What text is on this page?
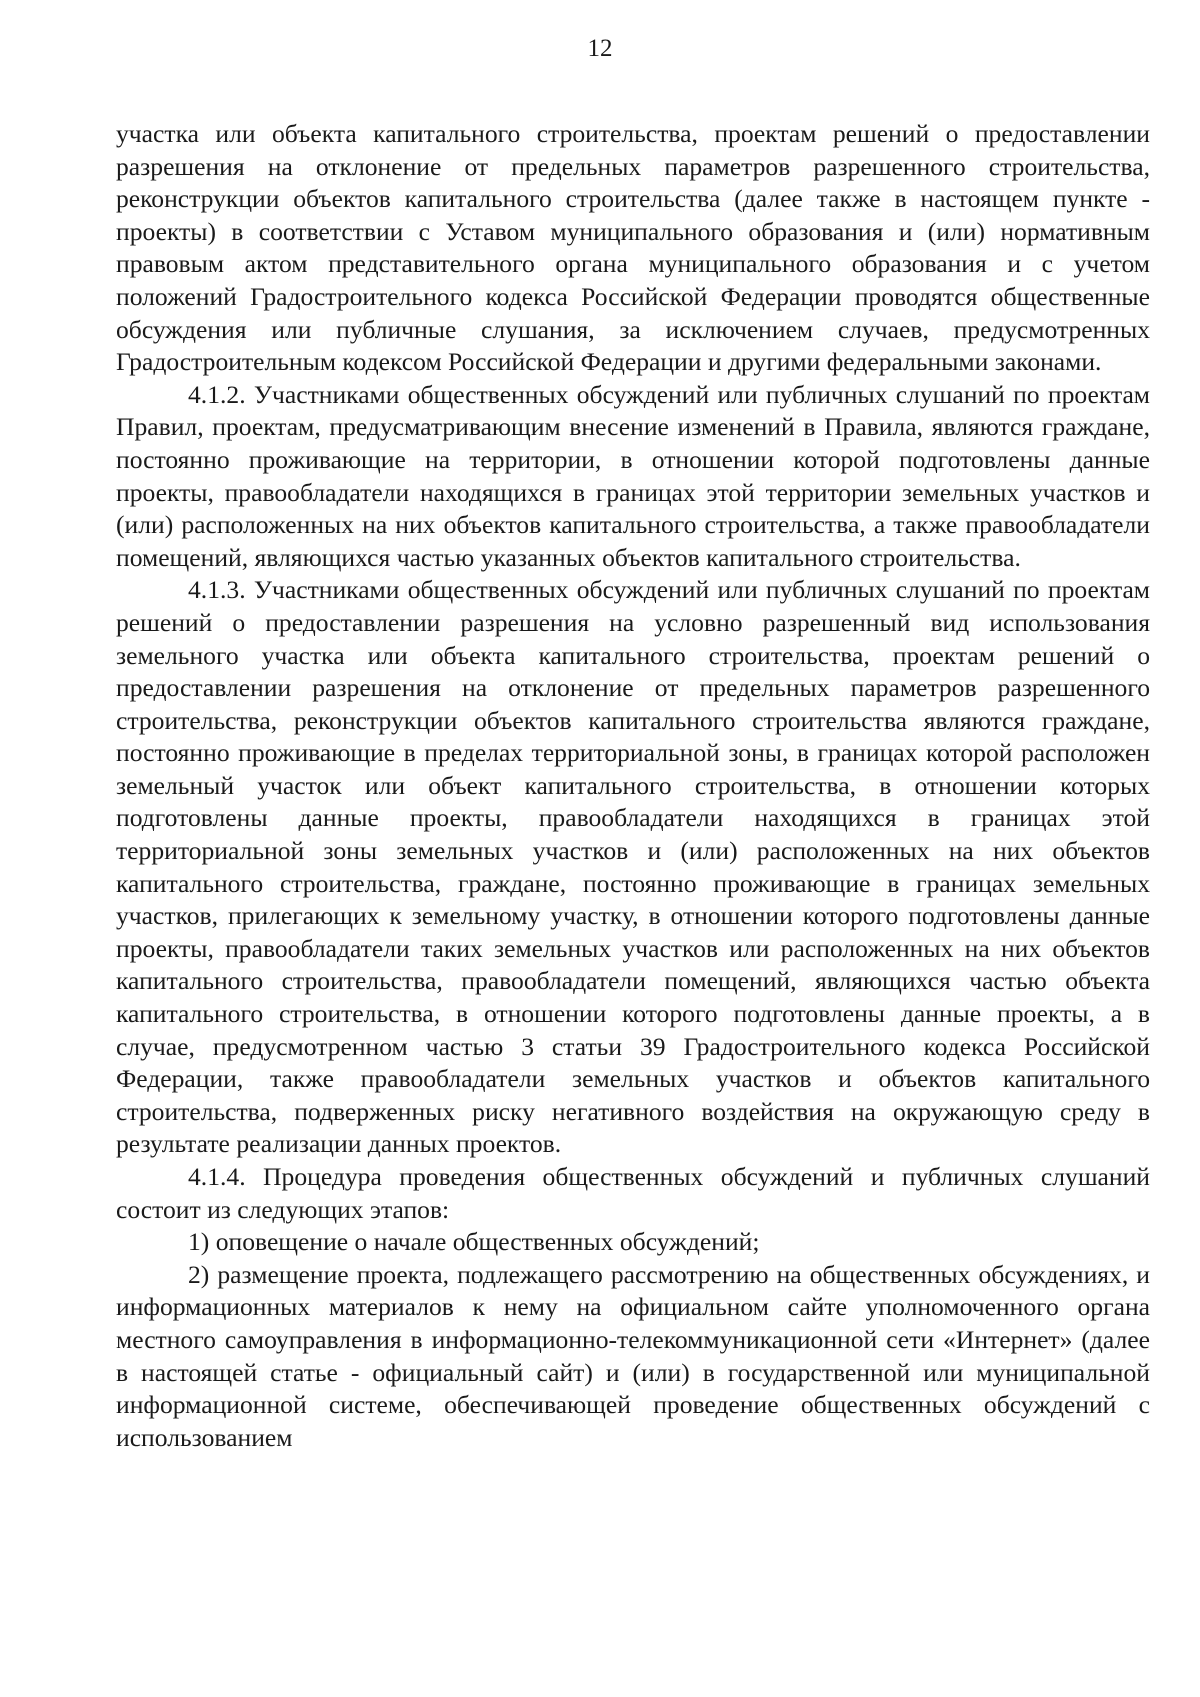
12

участка или объекта капитального строительства, проектам решений о предоставлении разрешения на отклонение от предельных параметров разрешенного строительства, реконструкции объектов капитального строительства (далее также в настоящем пункте - проекты) в соответствии с Уставом муниципального образования и (или) нормативным правовым актом представительного органа муниципального образования и с учетом положений Градостроительного кодекса Российской Федерации проводятся общественные обсуждения или публичные слушания, за исключением случаев, предусмотренных Градостроительным кодексом Российской Федерации и другими федеральными законами.

4.1.2. Участниками общественных обсуждений или публичных слушаний по проектам Правил, проектам, предусматривающим внесение изменений в Правила, являются граждане, постоянно проживающие на территории, в отношении которой подготовлены данные проекты, правообладатели находящихся в границах этой территории земельных участков и (или) расположенных на них объектов капитального строительства, а также правообладатели помещений, являющихся частью указанных объектов капитального строительства.

4.1.3. Участниками общественных обсуждений или публичных слушаний по проектам решений о предоставлении разрешения на условно разрешенный вид использования земельного участка или объекта капитального строительства, проектам решений о предоставлении разрешения на отклонение от предельных параметров разрешенного строительства, реконструкции объектов капитального строительства являются граждане, постоянно проживающие в пределах территориальной зоны, в границах которой расположен земельный участок или объект капитального строительства, в отношении которых подготовлены данные проекты, правообладатели находящихся в границах этой территориальной зоны земельных участков и (или) расположенных на них объектов капитального строительства, граждане, постоянно проживающие в границах земельных участков, прилегающих к земельному участку, в отношении которого подготовлены данные проекты, правообладатели таких земельных участков или расположенных на них объектов капитального строительства, правообладатели помещений, являющихся частью объекта капитального строительства, в отношении которого подготовлены данные проекты, а в случае, предусмотренном частью 3 статьи 39 Градостроительного кодекса Российской Федерации, также правообладатели земельных участков и объектов капитального строительства, подверженных риску негативного воздействия на окружающую среду в результате реализации данных проектов.

4.1.4. Процедура проведения общественных обсуждений и публичных слушаний состоит из следующих этапов:

1) оповещение о начале общественных обсуждений;

2) размещение проекта, подлежащего рассмотрению на общественных обсуждениях, и информационных материалов к нему на официальном сайте уполномоченного органа местного самоуправления в информационно-телекоммуникационной сети «Интернет» (далее в настоящей статье - официальный сайт) и (или) в государственной или муниципальной информационной системе, обеспечивающей проведение общественных обсуждений с использованием
